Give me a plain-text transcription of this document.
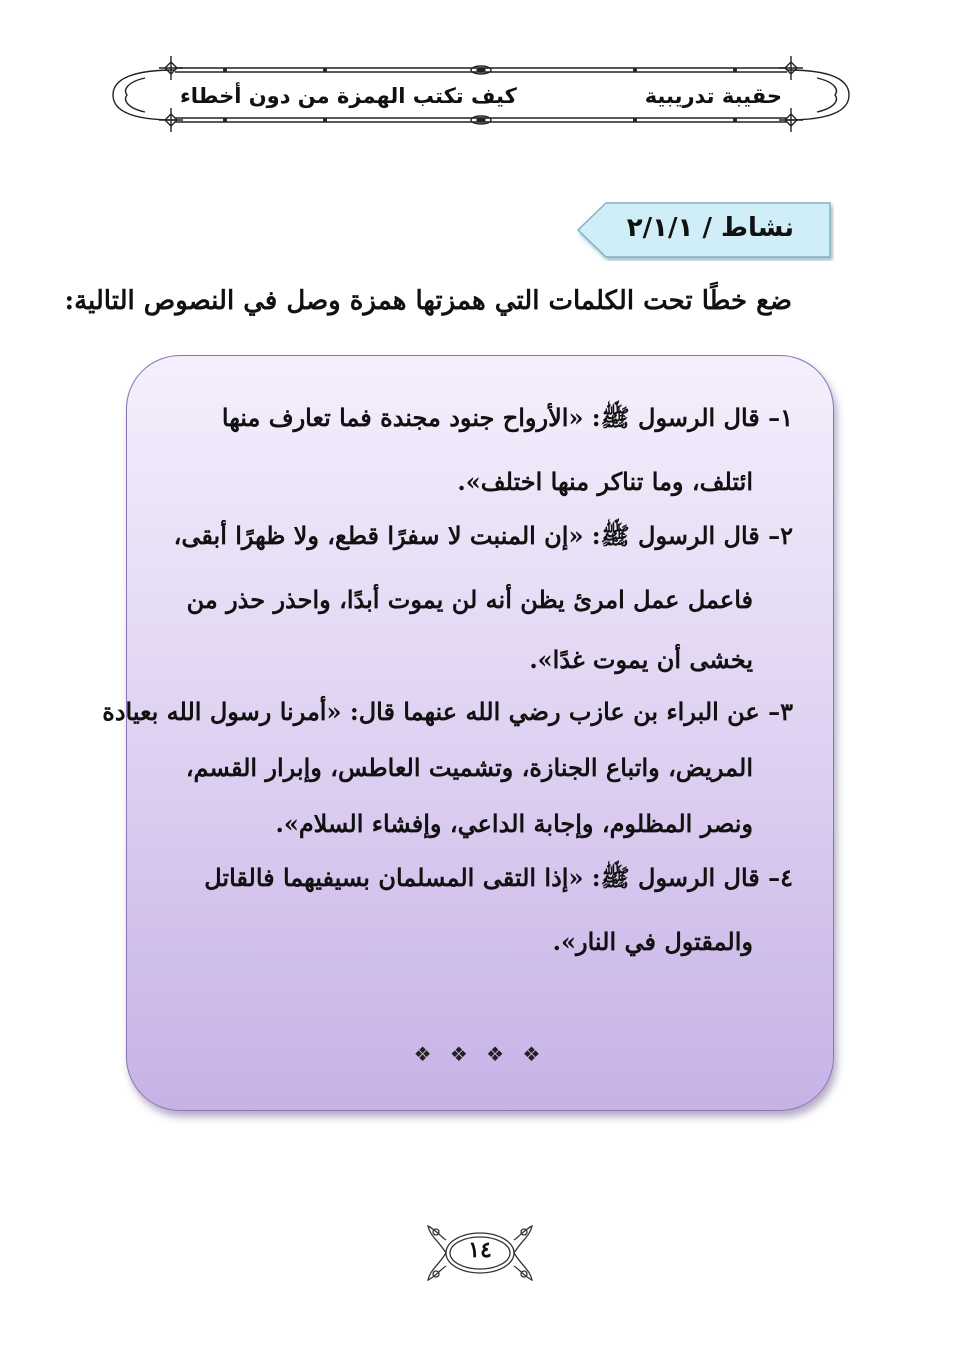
كيف تكتب الهمزة من دون أخطاء	حقيبة تدريبية
نشاط / ٢/١/١
ضع خطًا تحت الكلمات التي همزتها همزة وصل في النصوص التالية:
١– قال الرسول ﷺ: «الأرواح جنود مجندة فما تعارف منها
ائتلف، وما تناكر منها اختلف».
٢– قال الرسول ﷺ: «إن المنبت لا سفرًا قطع، ولا ظهرًا أبقى،
فاعمل عمل امرئ يظن أنه لن يموت أبدًا، واحذر حذر من
يخشى أن يموت غدًا».
٣– عن البراء بن عازب رضي الله عنهما قال: «أمرنا رسول الله بعيادة
المريض، واتباع الجنازة، وتشميت العاطس، وإبرار القسم،
ونصر المظلوم، وإجابة الداعي، وإفشاء السلام».
٤– قال الرسول ﷺ: «إذا التقى المسلمان بسيفيهما فالقاتل
والمقتول في النار».
❖ ❖ ❖ ❖
١٤
